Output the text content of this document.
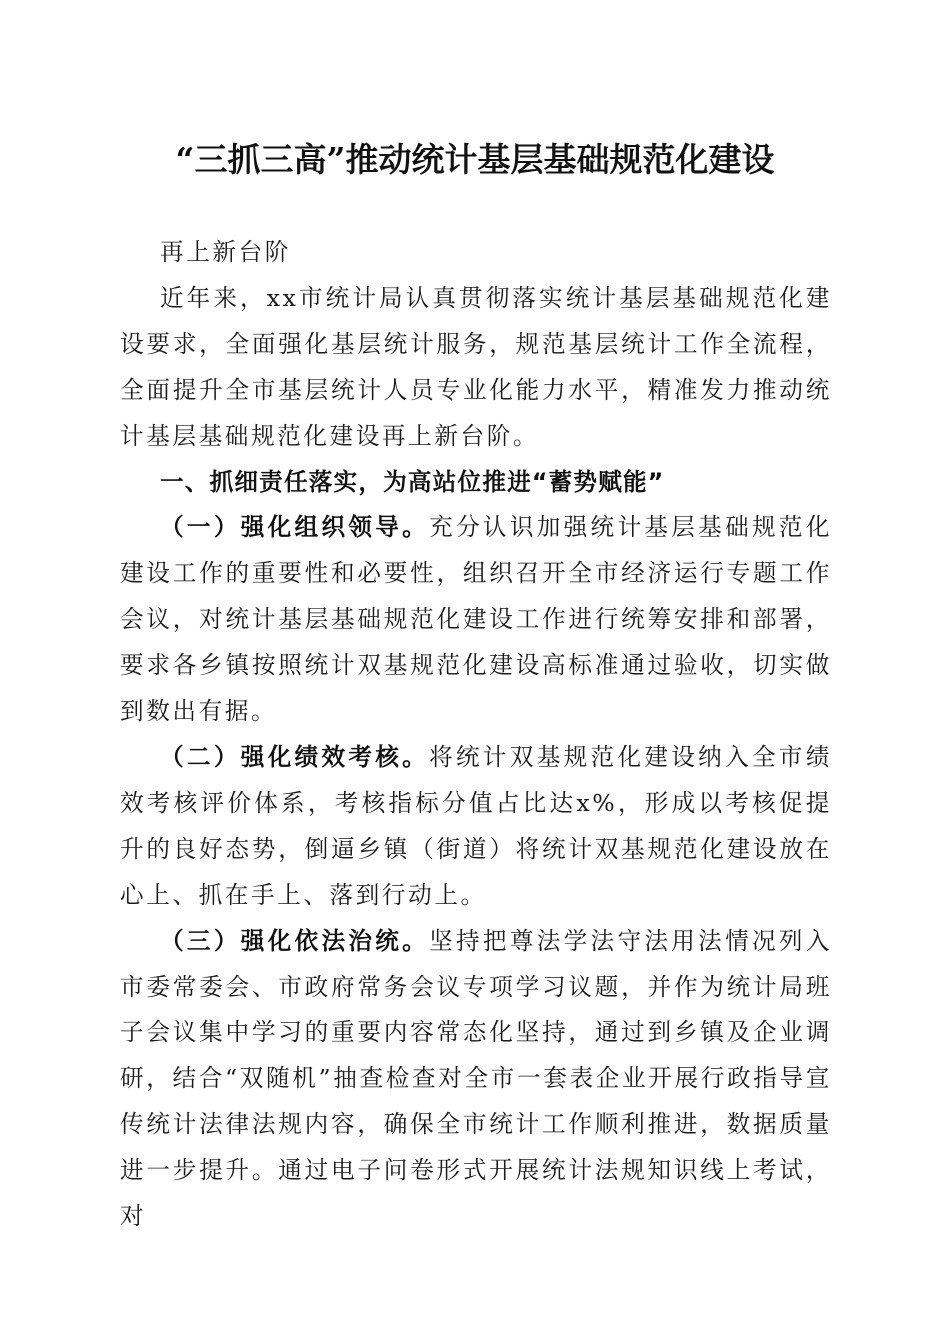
“三抓三高”推动统计基层基础规范化建设

再上新台阶

近年来，xx市统计局认真贯彻落实统计基层基础规范化建设要求，全面强化基层统计服务，规范基层统计工作全流程，全面提升全市基层统计人员专业化能力水平，精准发力推动统计基层基础规范化建设再上新台阶。

一、抓细责任落实，为高站位推进“蓄势赋能”

（一）强化组织领导。充分认识加强统计基层基础规范化建设工作的重要性和必要性，组织召开全市经济运行专题工作会议，对统计基层基础规范化建设工作进行统筹安排和部署，要求各乡镇按照统计双基规范化建设高标准通过验收，切实做到数出有据。

（二）强化绩效考核。将统计双基规范化建设纳入全市绩效考核评价体系，考核指标分值占比达x%，形成以考核促提升的良好态势，倒逼乡镇（街道）将统计双基规范化建设放在心上、抓在手上、落到行动上。

（三）强化依法治统。坚持把尊法学法守法用法情况列入市委常委会、市政府常务会议专项学习议题，并作为统计局班子会议集中学习的重要内容常态化坚持，通过到乡镇及企业调研，结合“双随机”抽查检查对全市一套表企业开展行政指导宣传统计法律法规内容，确保全市统计工作顺利推进，数据质量进一步提升。通过电子问卷形式开展统计法规知识线上考试，对
